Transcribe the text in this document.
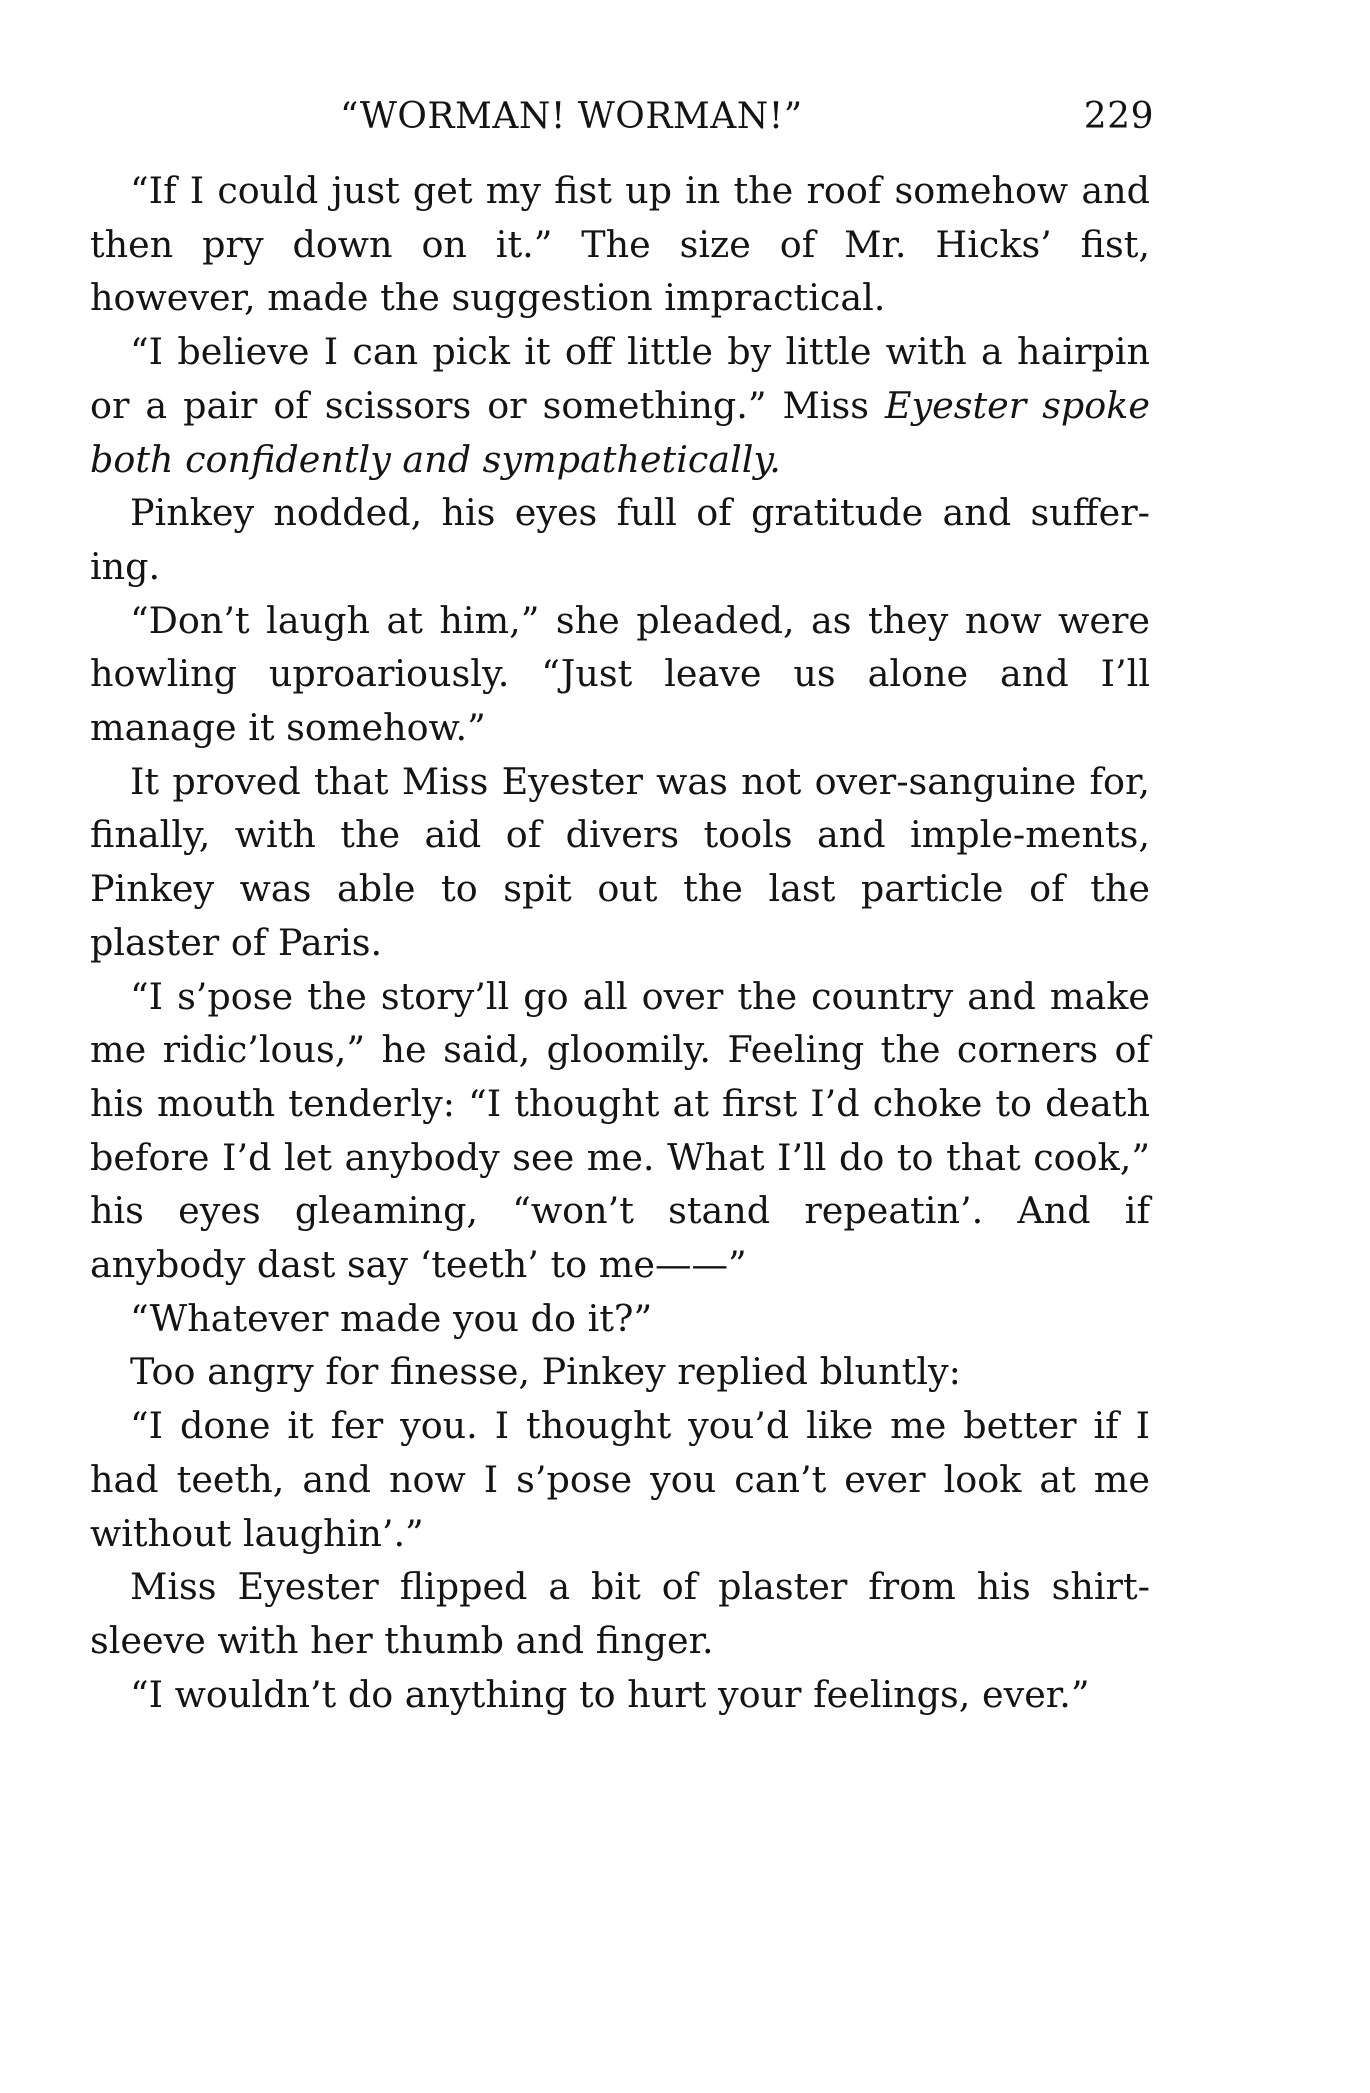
“WORMAN! WORMAN!”	229

“If I could just get my fist up in the roof somehow and then pry down on it.” The size of Mr. Hicks’ fist, however, made the suggestion impractical.

“I believe I can pick it off little by little with a hairpin or a pair of scissors or something.” Miss Eyester spoke both confidently and sympathetically.

Pinkey nodded, his eyes full of gratitude and suffer-ing.

“Don’t laugh at him,” she pleaded, as they now were howling uproariously. “Just leave us alone and I’ll manage it somehow.”

It proved that Miss Eyester was not over-sanguine for, finally, with the aid of divers tools and imple-ments, Pinkey was able to spit out the last particle of the plaster of Paris.

“I s’pose the story’ll go all over the country and make me ridic’lous,” he said, gloomily. Feeling the corners of his mouth tenderly: “I thought at first I’d choke to death before I’d let anybody see me. What I’ll do to that cook,” his eyes gleaming, “won’t stand repeatin’. And if anybody dast say ‘teeth’ to me——”

“Whatever made you do it?”

Too angry for finesse, Pinkey replied bluntly:

“I done it fer you. I thought you’d like me better if I had teeth, and now I s’pose you can’t ever look at me without laughin’.”

Miss Eyester flipped a bit of plaster from his shirt-sleeve with her thumb and finger.

“I wouldn’t do anything to hurt your feelings, ever.”
